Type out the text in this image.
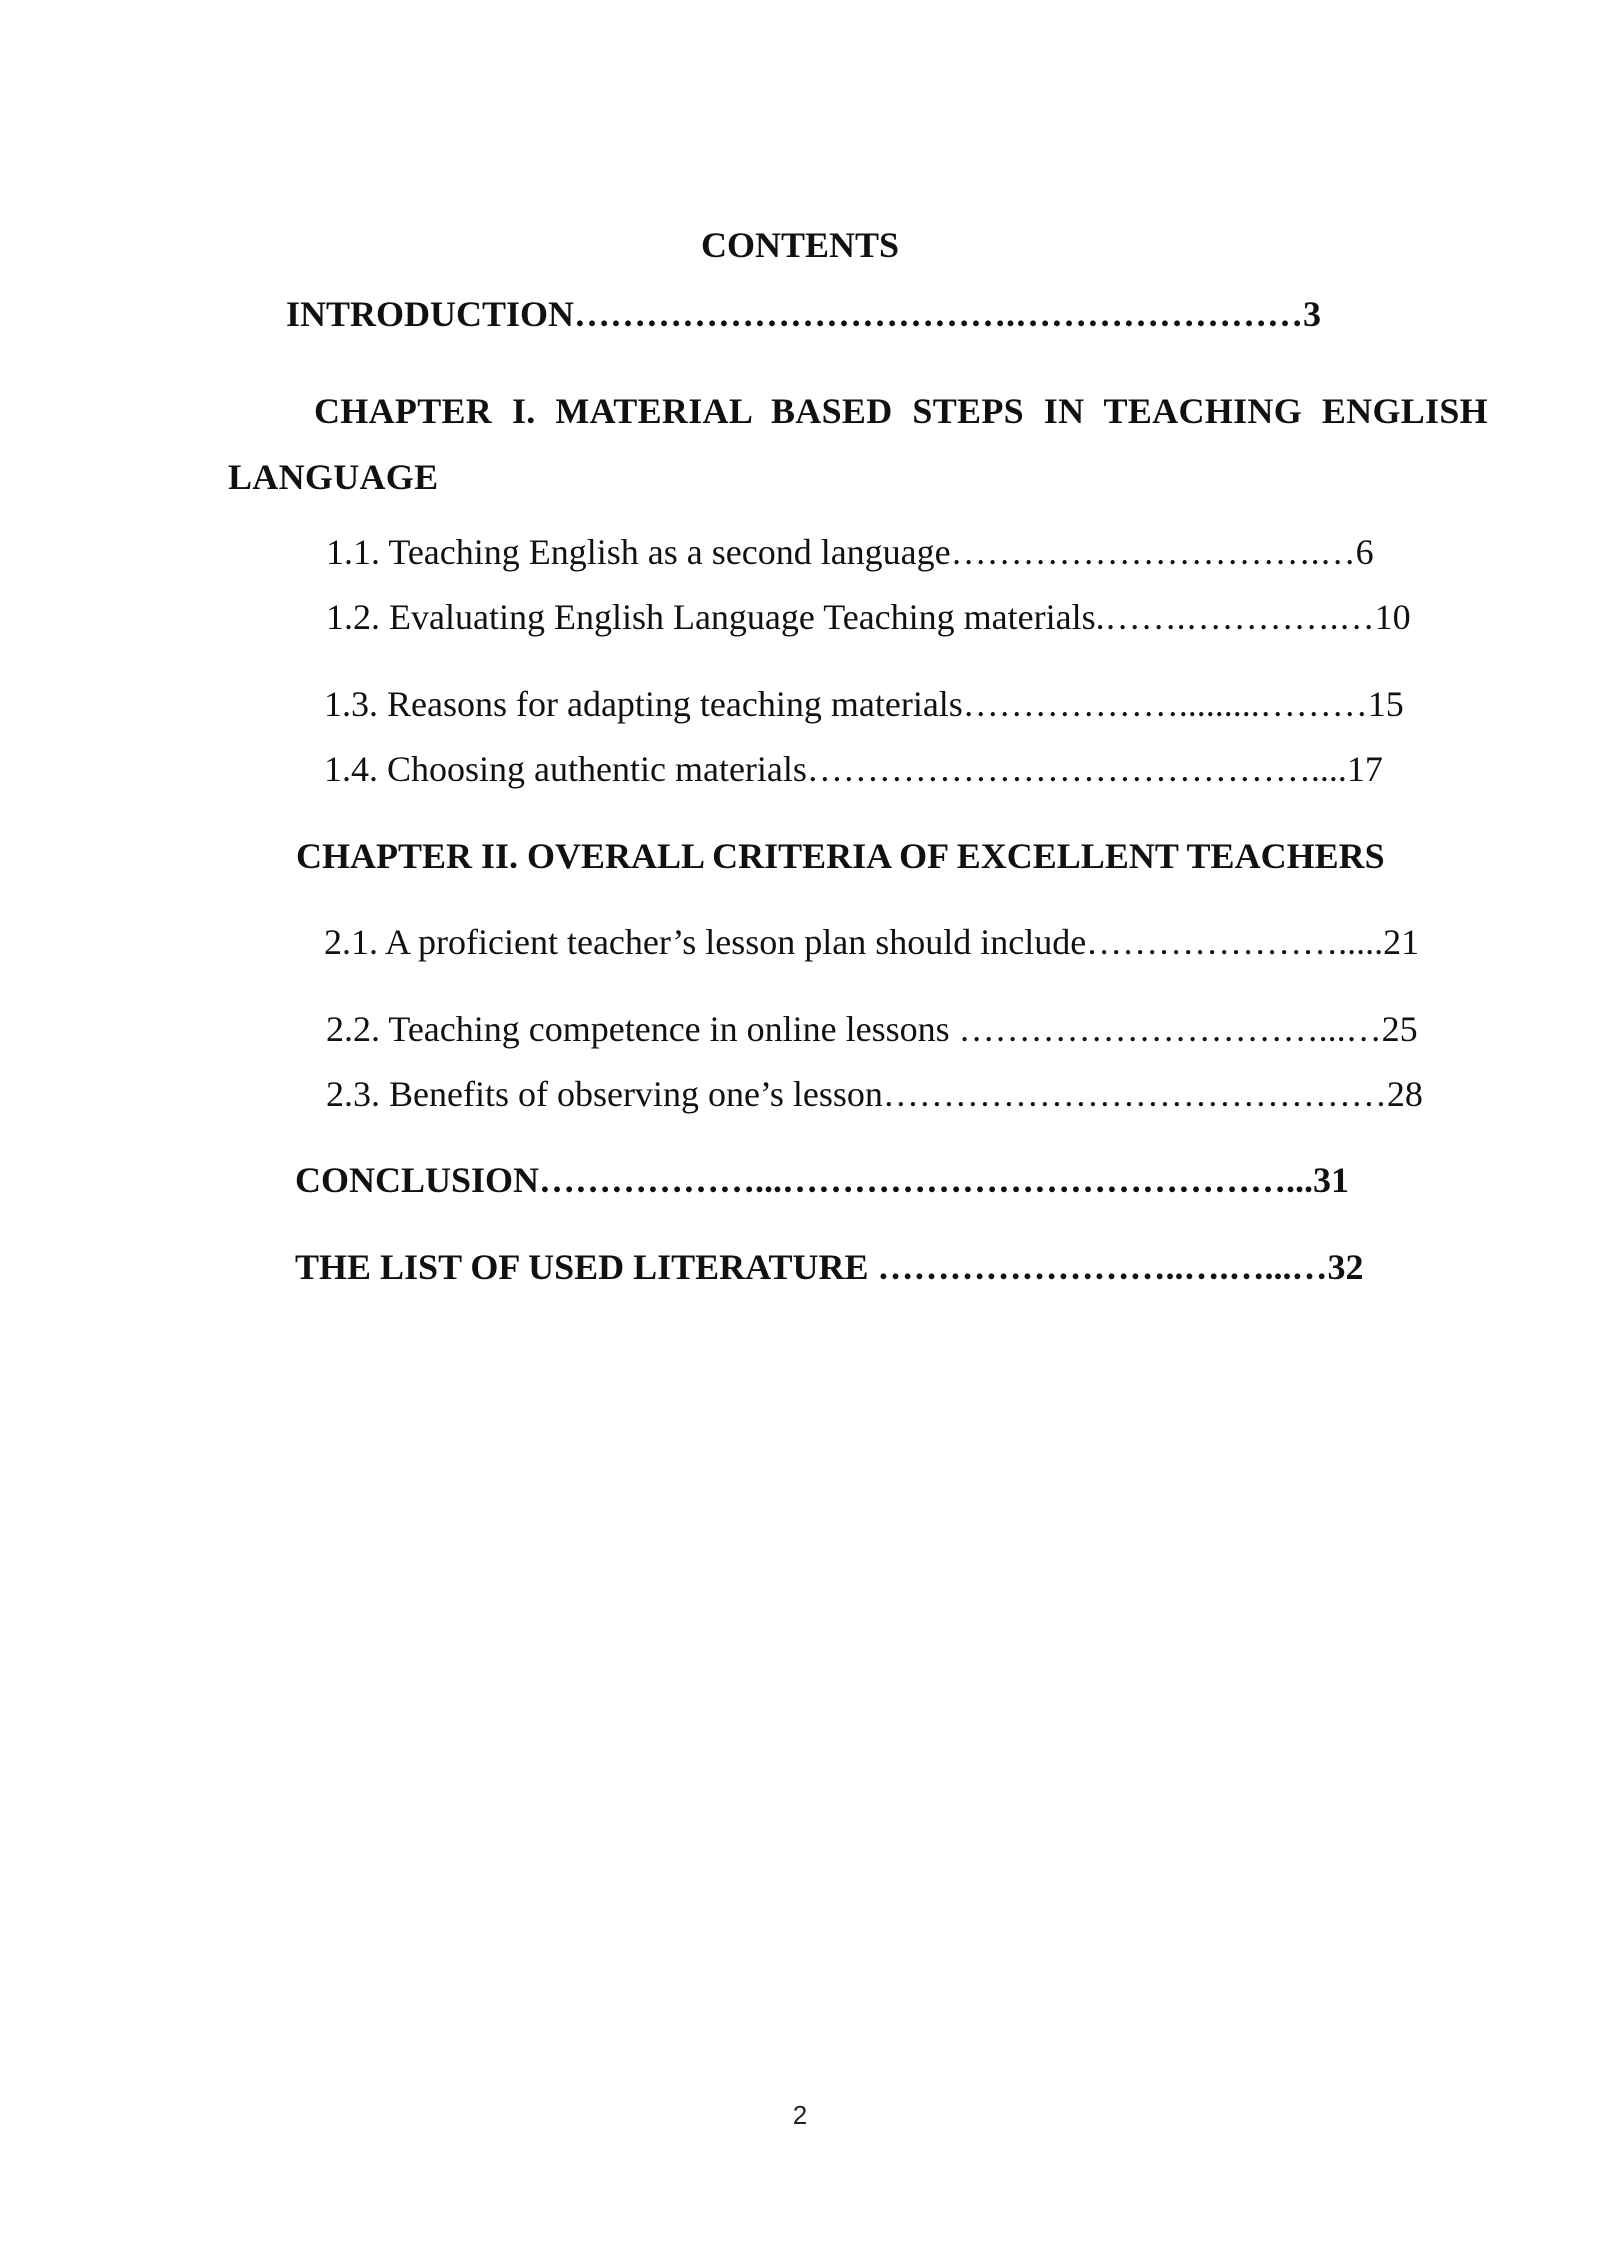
CONTENTS
INTRODUCTION……………………………….……………………3
CHAPTER I. MATERIAL BASED STEPS IN TEACHING ENGLISH LANGUAGE
1.1. Teaching English as a second language………………………….…6
1.2. Evaluating English Language Teaching materials.…….………….…10
1.3. Reasons for adapting teaching materials……………….........………15
1.4. Choosing authentic materials……………………………………....17
CHAPTER II. OVERALL CRITERIA OF EXCELLENT TEACHERS
2.1. A proficient teacher’s lesson plan should include………………….....21
2.2. Teaching competence in online lessons …………………………...…25
2.3. Benefits of observing one’s lesson……………………………………28
CONCLUSION………………...……………………………………...31
THE LIST OF USED LITERATURE ……………………..….…...…32
2
